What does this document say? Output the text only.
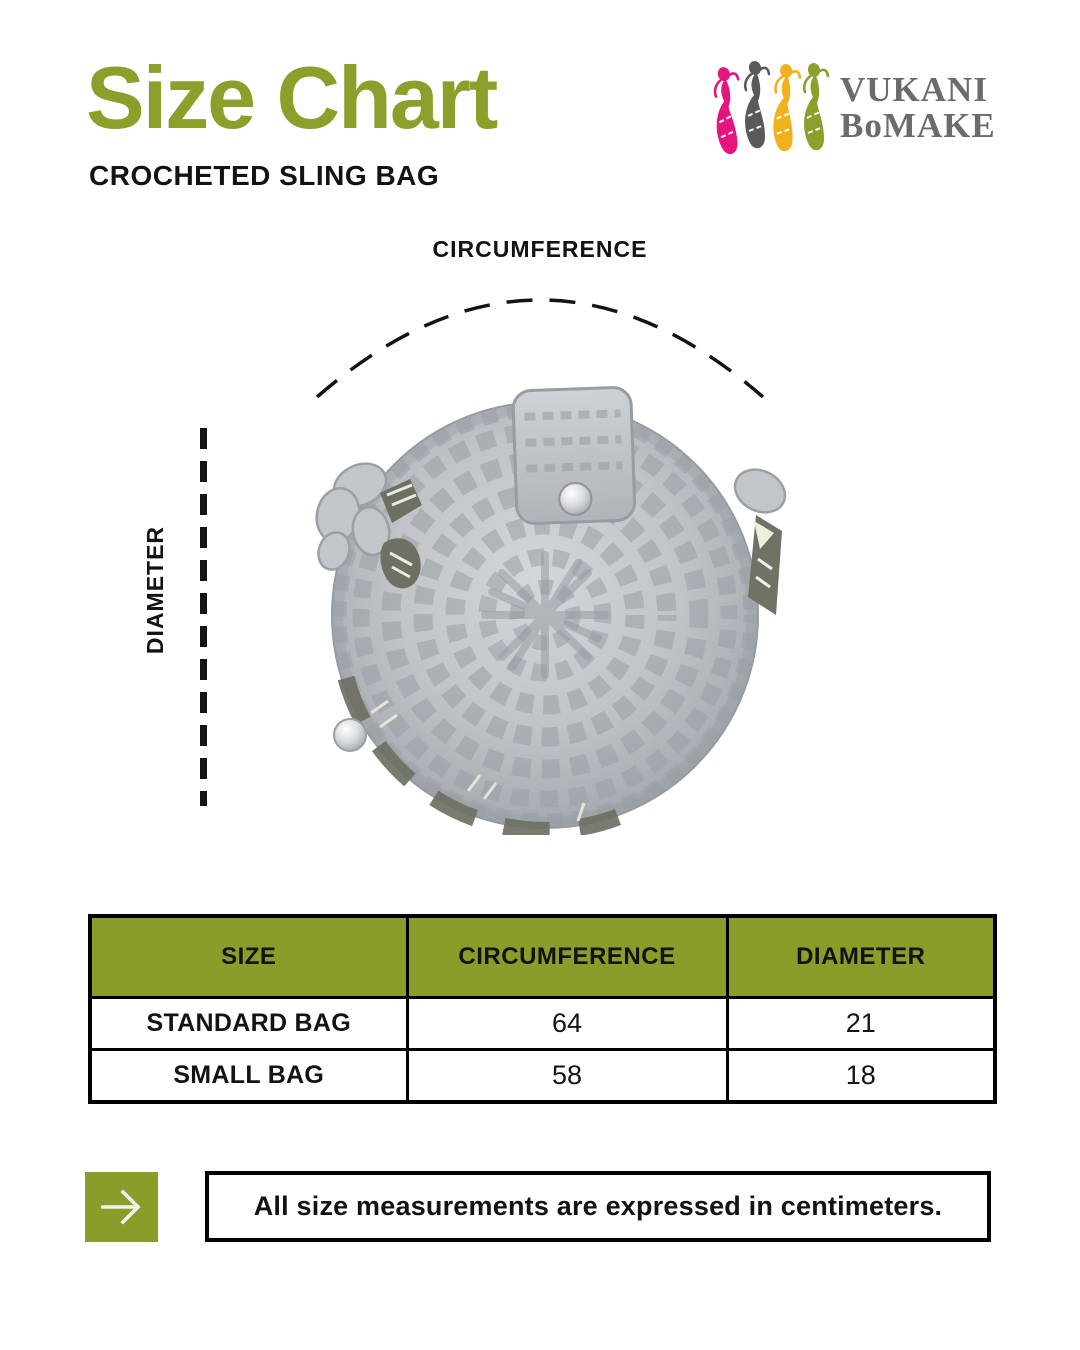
Size Chart
CROCHETED SLING BAG
VUKANI
BoMAKE
CIRCUMFERENCE
DIAMETER
SIZE	CIRCUMFERENCE	DIAMETER
STANDARD BAG	64	21
SMALL BAG	58	18
All size measurements are expressed in centimeters.
